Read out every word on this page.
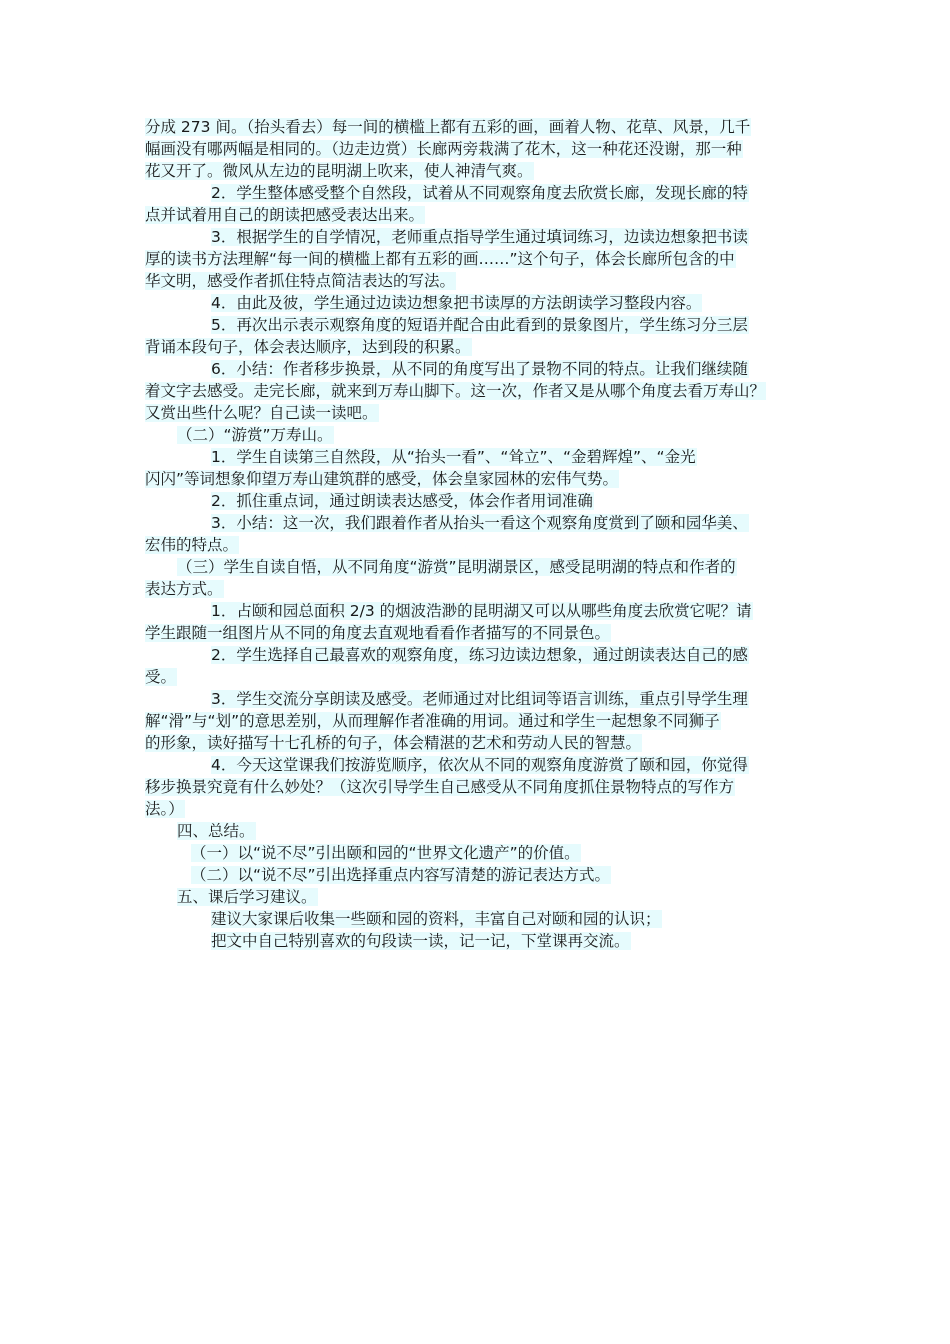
分成 273 间。（抬头看去）每一间的横槛上都有五彩的画，画着人物、花草、风景，几千
幅画没有哪两幅是相同的。（边走边赏）长廊两旁栽满了花木，这一种花还没谢，那一种
花又开了。微风从左边的昆明湖上吹来，使人神清气爽。
2．学生整体感受整个自然段，试着从不同观察角度去欣赏长廊，发现长廊的特
点并试着用自己的朗读把感受表达出来。
3．根据学生的自学情况，老师重点指导学生通过填词练习，边读边想象把书读
厚的读书方法理解“每一间的横槛上都有五彩的画……”这个句子，体会长廊所包含的中
华文明，感受作者抓住特点简洁表达的写法。
4．由此及彼，学生通过边读边想象把书读厚的方法朗读学习整段内容。
5．再次出示表示观察角度的短语并配合由此看到的景象图片，学生练习分三层
背诵本段句子，体会表达顺序，达到段的积累。
6．小结：作者移步换景，从不同的角度写出了景物不同的特点。让我们继续随
着文字去感受。走完长廊，就来到万寿山脚下。这一次，作者又是从哪个角度去看万寿山？
又赏出些什么呢？自己读一读吧。
（二）“游赏”万寿山。
1．学生自读第三自然段，从“抬头一看”、“耸立”、“金碧辉煌”、“金光
闪闪”等词想象仰望万寿山建筑群的感受，体会皇家园林的宏伟气势。
2．抓住重点词，通过朗读表达感受，体会作者用词准确
3．小结：这一次，我们跟着作者从抬头一看这个观察角度赏到了颐和园华美、
宏伟的特点。
（三）学生自读自悟，从不同角度“游赏”昆明湖景区，感受昆明湖的特点和作者的
表达方式。
1．占颐和园总面积 2/3 的烟波浩渺的昆明湖又可以从哪些角度去欣赏它呢？请
学生跟随一组图片从不同的角度去直观地看看作者描写的不同景色。
2．学生选择自己最喜欢的观察角度，练习边读边想象，通过朗读表达自己的感
受。
3．学生交流分享朗读及感受。老师通过对比组词等语言训练，重点引导学生理
解“滑”与“划”的意思差别，从而理解作者准确的用词。通过和学生一起想象不同狮子
的形象，读好描写十七孔桥的句子，体会精湛的艺术和劳动人民的智慧。
4．今天这堂课我们按游览顺序，依次从不同的观察角度游赏了颐和园，你觉得
移步换景究竟有什么妙处？（这次引导学生自己感受从不同角度抓住景物特点的写作方
法。）
四、总结。
（一）以“说不尽”引出颐和园的“世界文化遗产”的价值。
（二）以“说不尽”引出选择重点内容写清楚的游记表达方式。
五、课后学习建议。
建议大家课后收集一些颐和园的资料，丰富自己对颐和园的认识；
把文中自己特别喜欢的句段读一读，记一记，下堂课再交流。
